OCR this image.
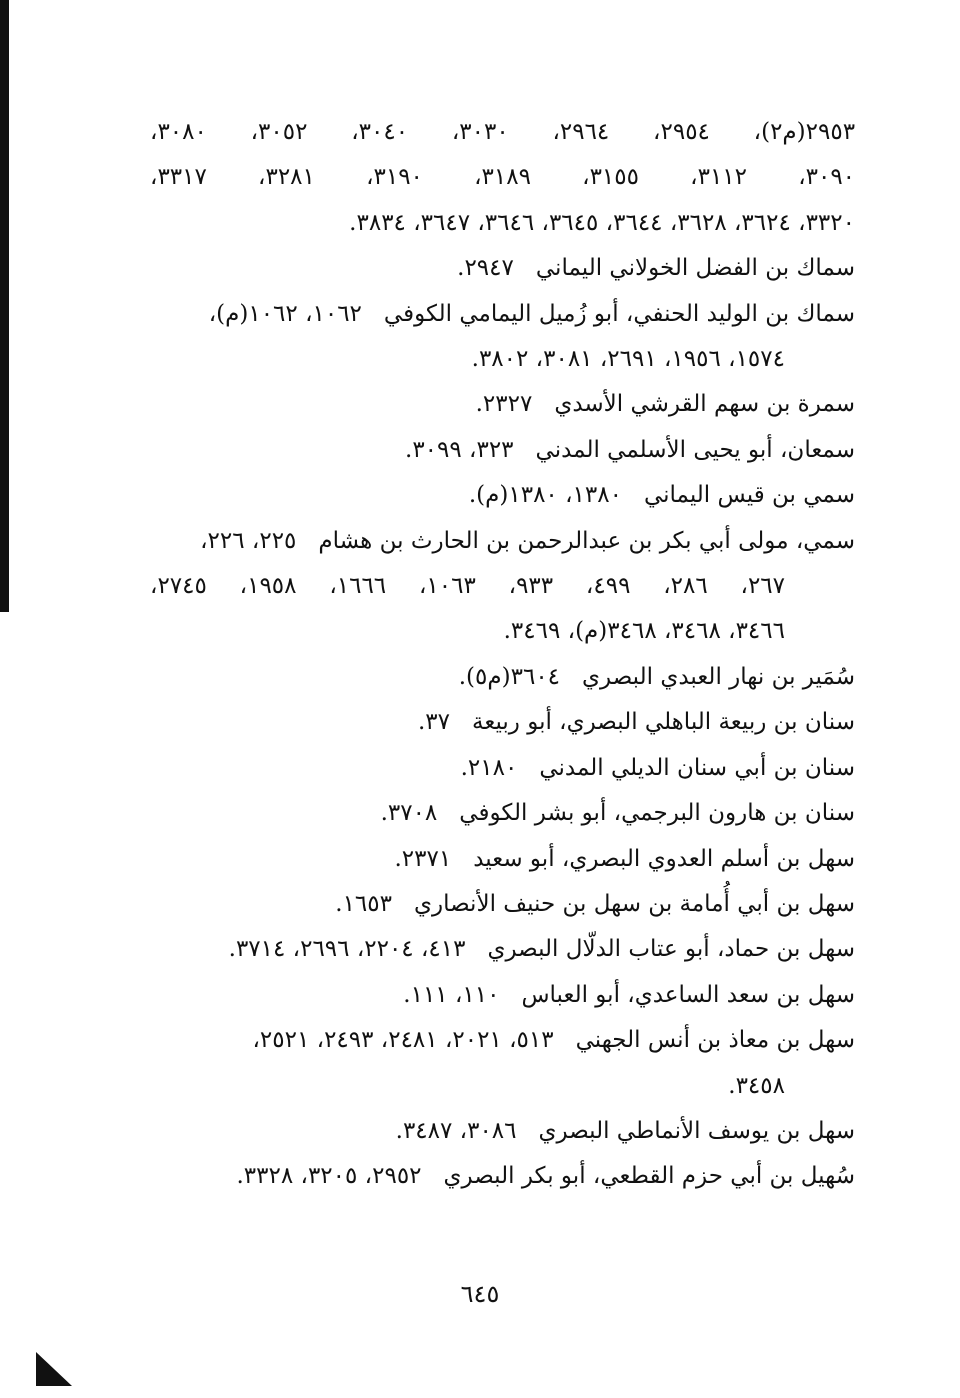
٢٩٥٣(م٢)، ٢٩٥٤، ٢٩٦٤، ٣٠٣٠، ٣٠٤٠، ٣٠٥٢، ٣٠٨٠،
٣٠٩٠، ٣١١٢، ٣١٥٥، ٣١٨٩، ٣١٩٠، ٣٢٨١، ٣٣١٧،
٣٣٢٠، ٣٦٢٤، ٣٦٢٨، ٣٦٤٤، ٣٦٤٥، ٣٦٤٦، ٣٦٤٧، ٣٨٣٤.
سماك بن الفضل الخولاني اليماني٢٩٤٧.
سماك بن الوليد الحنفي، أبو زُميل اليمامي الكوفي١٠٦٢، ١٠٦٢(م)،
١٥٧٤، ١٩٥٦، ٢٦٩١، ٣٠٨١، ٣٨٠٢.
سمرة بن سهم القرشي الأسدي٢٣٢٧.
سمعان، أبو يحيى الأسلمي المدني٣٢٣، ٣٠٩٩.
سمي بن قيس اليماني١٣٨٠، ١٣٨٠(م).
سمي، مولى أبي بكر بن عبدالرحمن بن الحارث بن هشام٢٢٥، ٢٢٦،
٢٦٧، ٢٨٦، ٤٩٩، ٩٣٣، ١٠٦٣، ١٦٦٦، ١٩٥٨، ٢٧٤٥،
٣٤٦٦، ٣٤٦٨، ٣٤٦٨(م)، ٣٤٦٩.
سُمَير بن نهار العبدي البصري٣٦٠٤(م٥).
سنان بن ربيعة الباهلي البصري، أبو ربيعة٣٧.
سنان بن أبي سنان الديلي المدني٢١٨٠.
سنان بن هارون البرجمي، أبو بشر الكوفي٣٧٠٨.
سهل بن أسلم العدوي البصري، أبو سعيد٢٣٧١.
سهل بن أبي أُمامة بن سهل بن حنيف الأنصاري١٦٥٣.
سهل بن حماد، أبو عتاب الدلّال البصري٤١٣، ٢٢٠٤، ٢٦٩٦، ٣٧١٤.
سهل بن سعد الساعدي، أبو العباس١١٠، ١١١.
سهل بن معاذ بن أنس الجهني٥١٣، ٢٠٢١، ٢٤٨١، ٢٤٩٣، ٢٥٢١،
٣٤٥٨.
سهل بن يوسف الأنماطي البصري٣٠٨٦، ٣٤٨٧.
سُهيل بن أبي حزم القطعي، أبو بكر البصري٢٩٥٢، ٣٢٠٥، ٣٣٢٨.
٦٤٥
